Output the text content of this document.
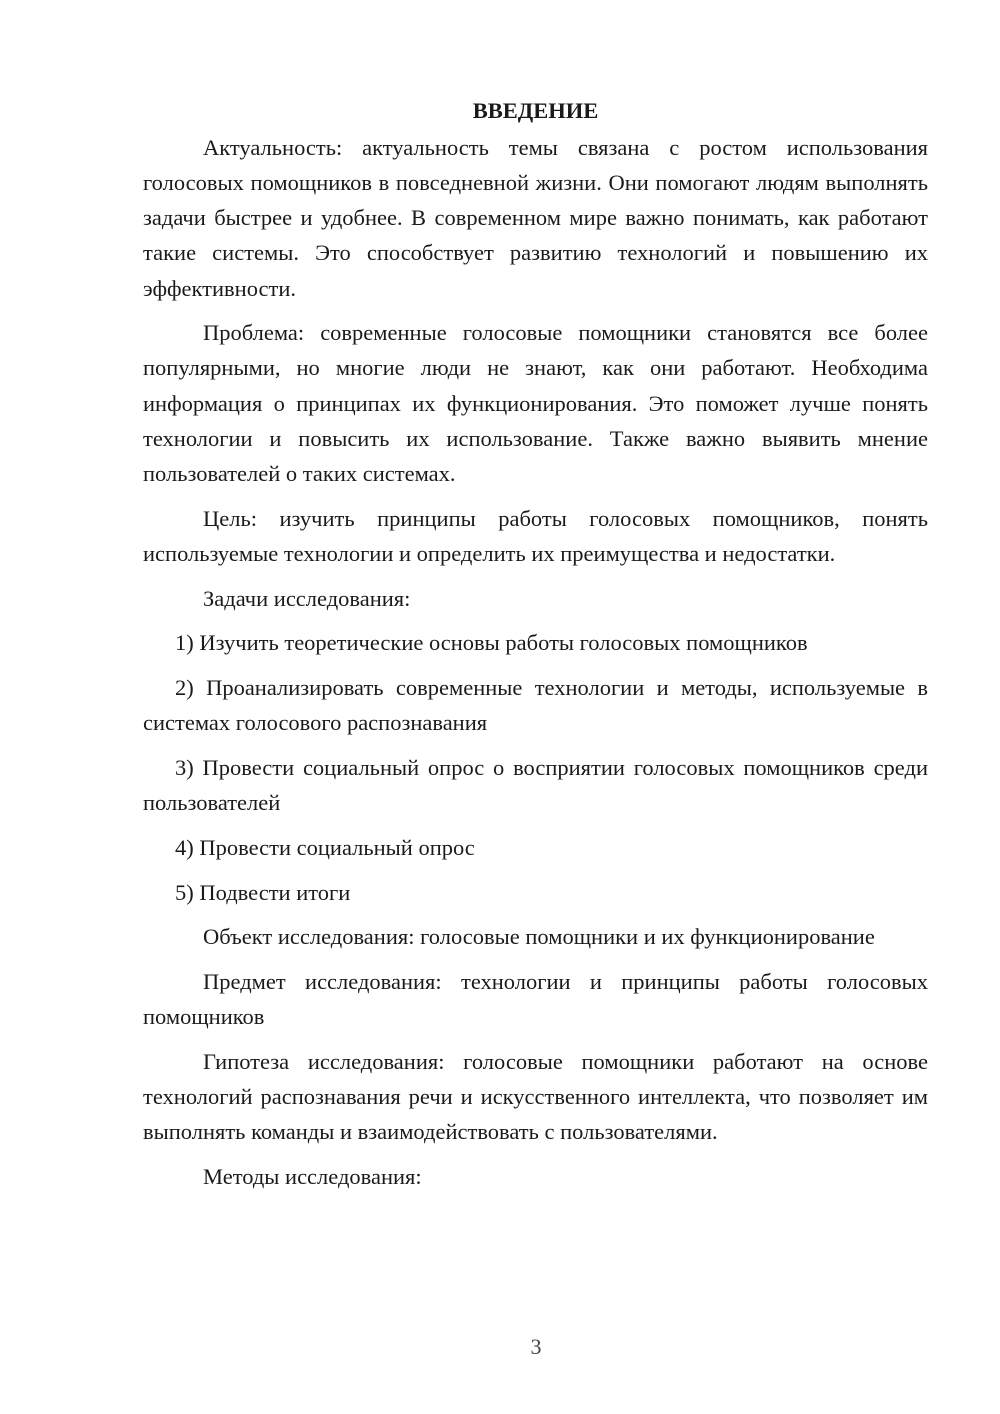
ВВЕДЕНИЕ

Актуальность: актуальность темы связана с ростом использования голосовых помощников в повседневной жизни. Они помогают людям выполнять задачи быстрее и удобнее. В современном мире важно понимать, как работают такие системы. Это способствует развитию технологий и повышению их эффективности.

Проблема: современные голосовые помощники становятся все более популярными, но многие люди не знают, как они работают. Необходима информация о принципах их функционирования. Это поможет лучше понять технологии и повысить их использование. Также важно выявить мнение пользователей о таких системах.

Цель: изучить принципы работы голосовых помощников, понять используемые технологии и определить их преимущества и недостатки.

Задачи исследования:

1) Изучить теоретические основы работы голосовых помощников

2) Проанализировать современные технологии и методы, используемые в системах голосового распознавания

3) Провести социальный опрос о восприятии голосовых помощников среди пользователей

4) Провести социальный опрос

5) Подвести итоги

Объект исследования: голосовые помощники и их функционирование

Предмет исследования: технологии и принципы работы голосовых помощников

Гипотеза исследования: голосовые помощники работают на основе технологий распознавания речи и искусственного интеллекта, что позволяет им выполнять команды и взаимодействовать с пользователями.

Методы исследования:

3
